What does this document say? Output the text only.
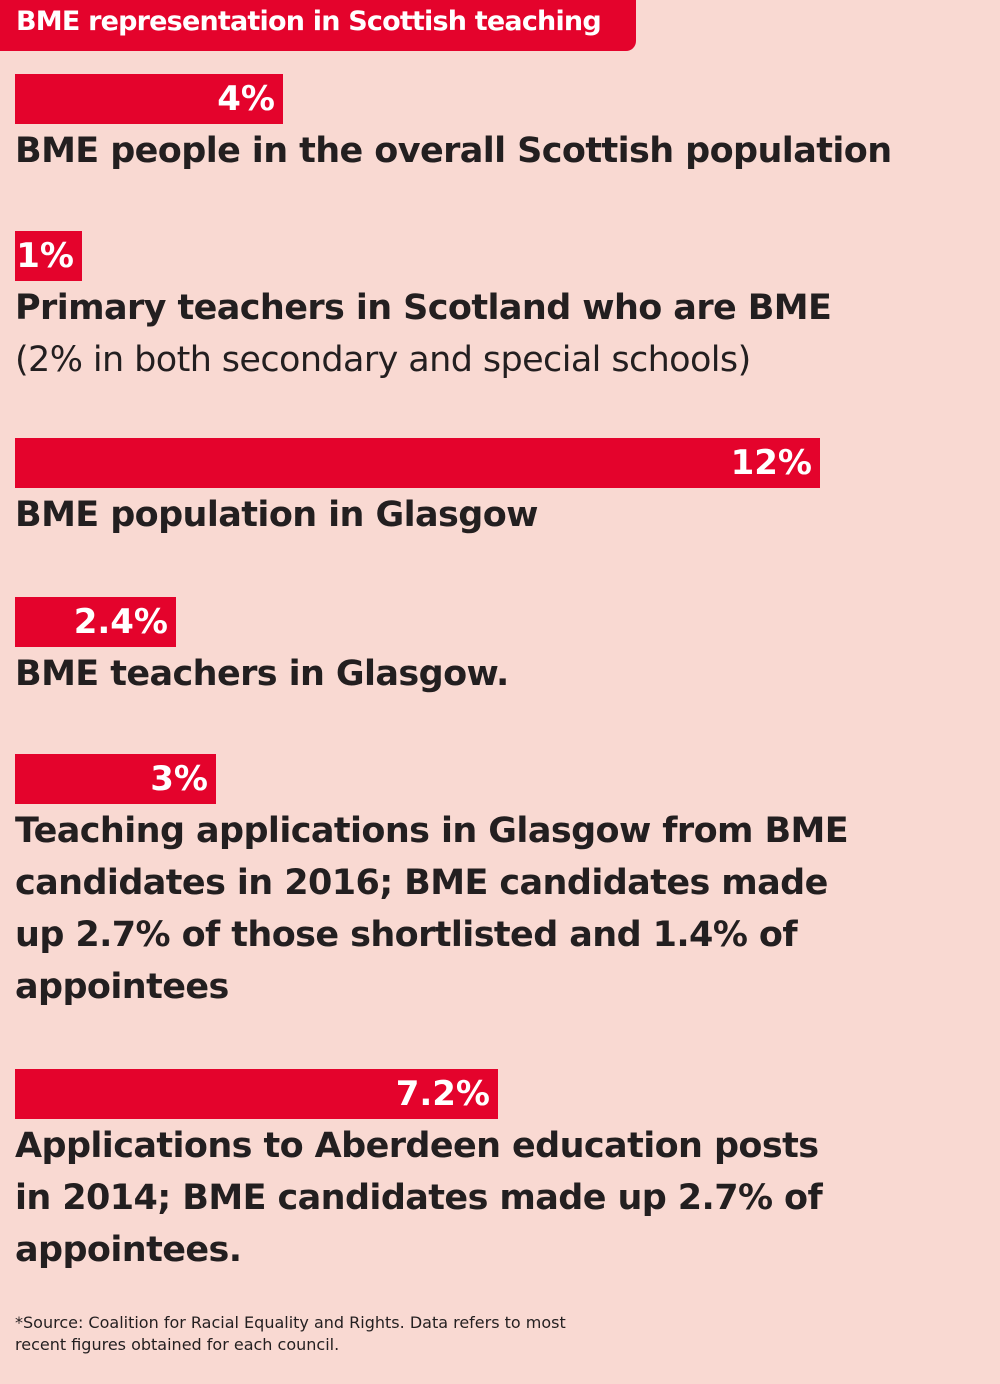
BME representation in Scottish teaching
4%
BME people in the overall Scottish population
1%
Primary teachers in Scotland who are BME
(2% in both secondary and special schools)
12%
BME population in Glasgow
2.4%
BME teachers in Glasgow.
3%
Teaching applications in Glasgow from BME
candidates in 2016; BME candidates made
up 2.7% of those shortlisted and 1.4% of
appointees
7.2%
Applications to Aberdeen education posts
in 2014; BME candidates made up 2.7% of
appointees.
*Source: Coalition for Racial Equality and Rights. Data refers to most
recent figures obtained for each council.
